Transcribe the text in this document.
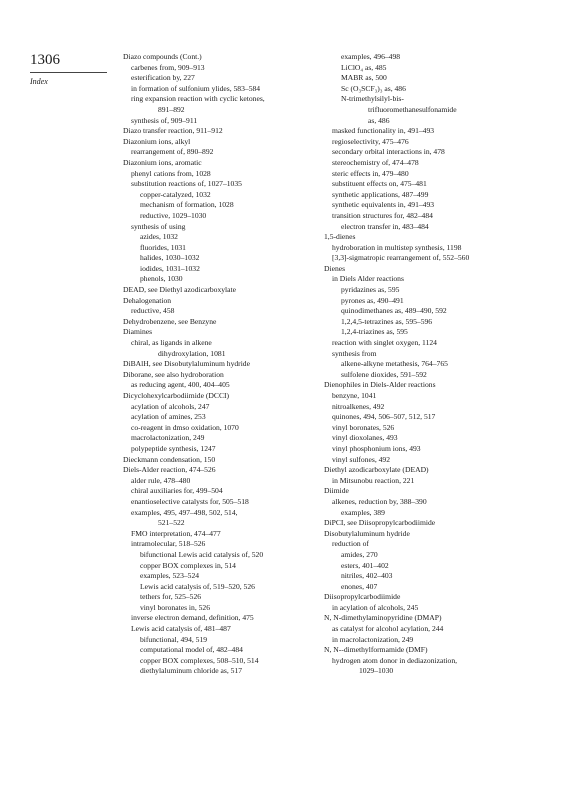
1306
Index
Diazo compounds (Cont.)
carbenes from, 909–913
esterification by, 227
in formation of sulfonium ylides, 583–584
ring expansion reaction with cyclic ketones,
891–892
synthesis of, 909–911
Diazo transfer reaction, 911–912
Diazonium ions, alkyl
rearrangement of, 890–892
Diazonium ions, aromatic
phenyl cations from, 1028
substitution reactions of, 1027–1035
copper-catalyzed, 1032
mechanism of formation, 1028
reductive, 1029–1030
synthesis of using
azides, 1032
fluorides, 1031
halides, 1030–1032
iodides, 1031–1032
phenols, 1030
DEAD, see Diethyl azodicarboxylate
Dehalogenation
reductive, 458
Dehydrobenzene, see Benzyne
Diamines
chiral, as ligands in alkene
dihydroxylation, 1081
DiBAlH, see Disobutylaluminum hydride
Diborane, see also hydroboration
as reducing agent, 400, 404–405
Dicyclohexylcarbodiimide (DCCI)
acylation of alcohols, 247
acylation of amines, 253
co-reagent in dmso oxidation, 1070
macrolactonization, 249
polypeptide synthesis, 1247
Dieckmann condensation, 150
Diels-Alder reaction, 474–526
alder rule, 478–480
chiral auxiliaries for, 499–504
enantioselective catalysts for, 505–518
examples, 495, 497–498, 502, 514,
521–522
FMO interpretation, 474–477
intramolecular, 518–526
bifunctional Lewis acid catalysis of, 520
copper BOX complexes in, 514
examples, 523–524
Lewis acid catalysis of, 519–520, 526
tethers for, 525–526
vinyl boronates in, 526
inverse electron demand, definition, 475
Lewis acid catalysis of, 481–487
bifunctional, 494, 519
computational model of, 482–484
copper BOX complexes, 508–510, 514
diethylaluminum chloride as, 517
examples, 496–498
LiClO₄ as, 485
MABR as, 500
Sc (O₃SCF₃)₃ as, 486
N-trimethylsilyl-bis-
trifluoromethanesulfonamide
as, 486
masked functionality in, 491–493
regioselectivity, 475–476
secondary orbital interactions in, 478
stereochemistry of, 474–478
steric effects in, 479–480
substituent effects on, 475–481
synthetic applications, 487–499
synthetic equivalents in, 491–493
transition structures for, 482–484
electron transfer in, 483–484
1,5-dienes
hydroboration in multistep synthesis, 1198
[3,3]-sigmatropic rearrangement of, 552–560
Dienes
in Diels Alder reactions
pyridazines as, 595
pyrones as, 490–491
quinodimethanes as, 489–490, 592
1,2,4,5-tetrazines as, 595–596
1,2,4-triazines as, 595
reaction with singlet oxygen, 1124
synthesis from
alkene-alkyne metathesis, 764–765
sulfolene dioxides, 591–592
Dienophiles in Diels-Alder reactions
benzyne, 1041
nitroalkenes, 492
quinones, 494, 506–507, 512, 517
vinyl boronates, 526
vinyl dioxolanes, 493
vinyl phosphonium ions, 493
vinyl sulfones, 492
Diethyl azodicarboxylate (DEAD)
in Mitsunobu reaction, 221
Diimide
alkenes, reduction by, 388–390
examples, 389
DiPCI, see Diisopropylcarbodiimide
Disobutylaluminum hydride
reduction of
amides, 270
esters, 401–402
nitriles, 402–403
enones, 407
Diisopropylcarbodiimide
in acylation of alcohols, 245
N, N-dimethylaminopyridine (DMAP)
as catalyst for alcohol acylation, 244
in macrolactonization, 249
N, N--dimethylformamide (DMF)
hydrogen atom donor in dediazonization,
1029–1030
